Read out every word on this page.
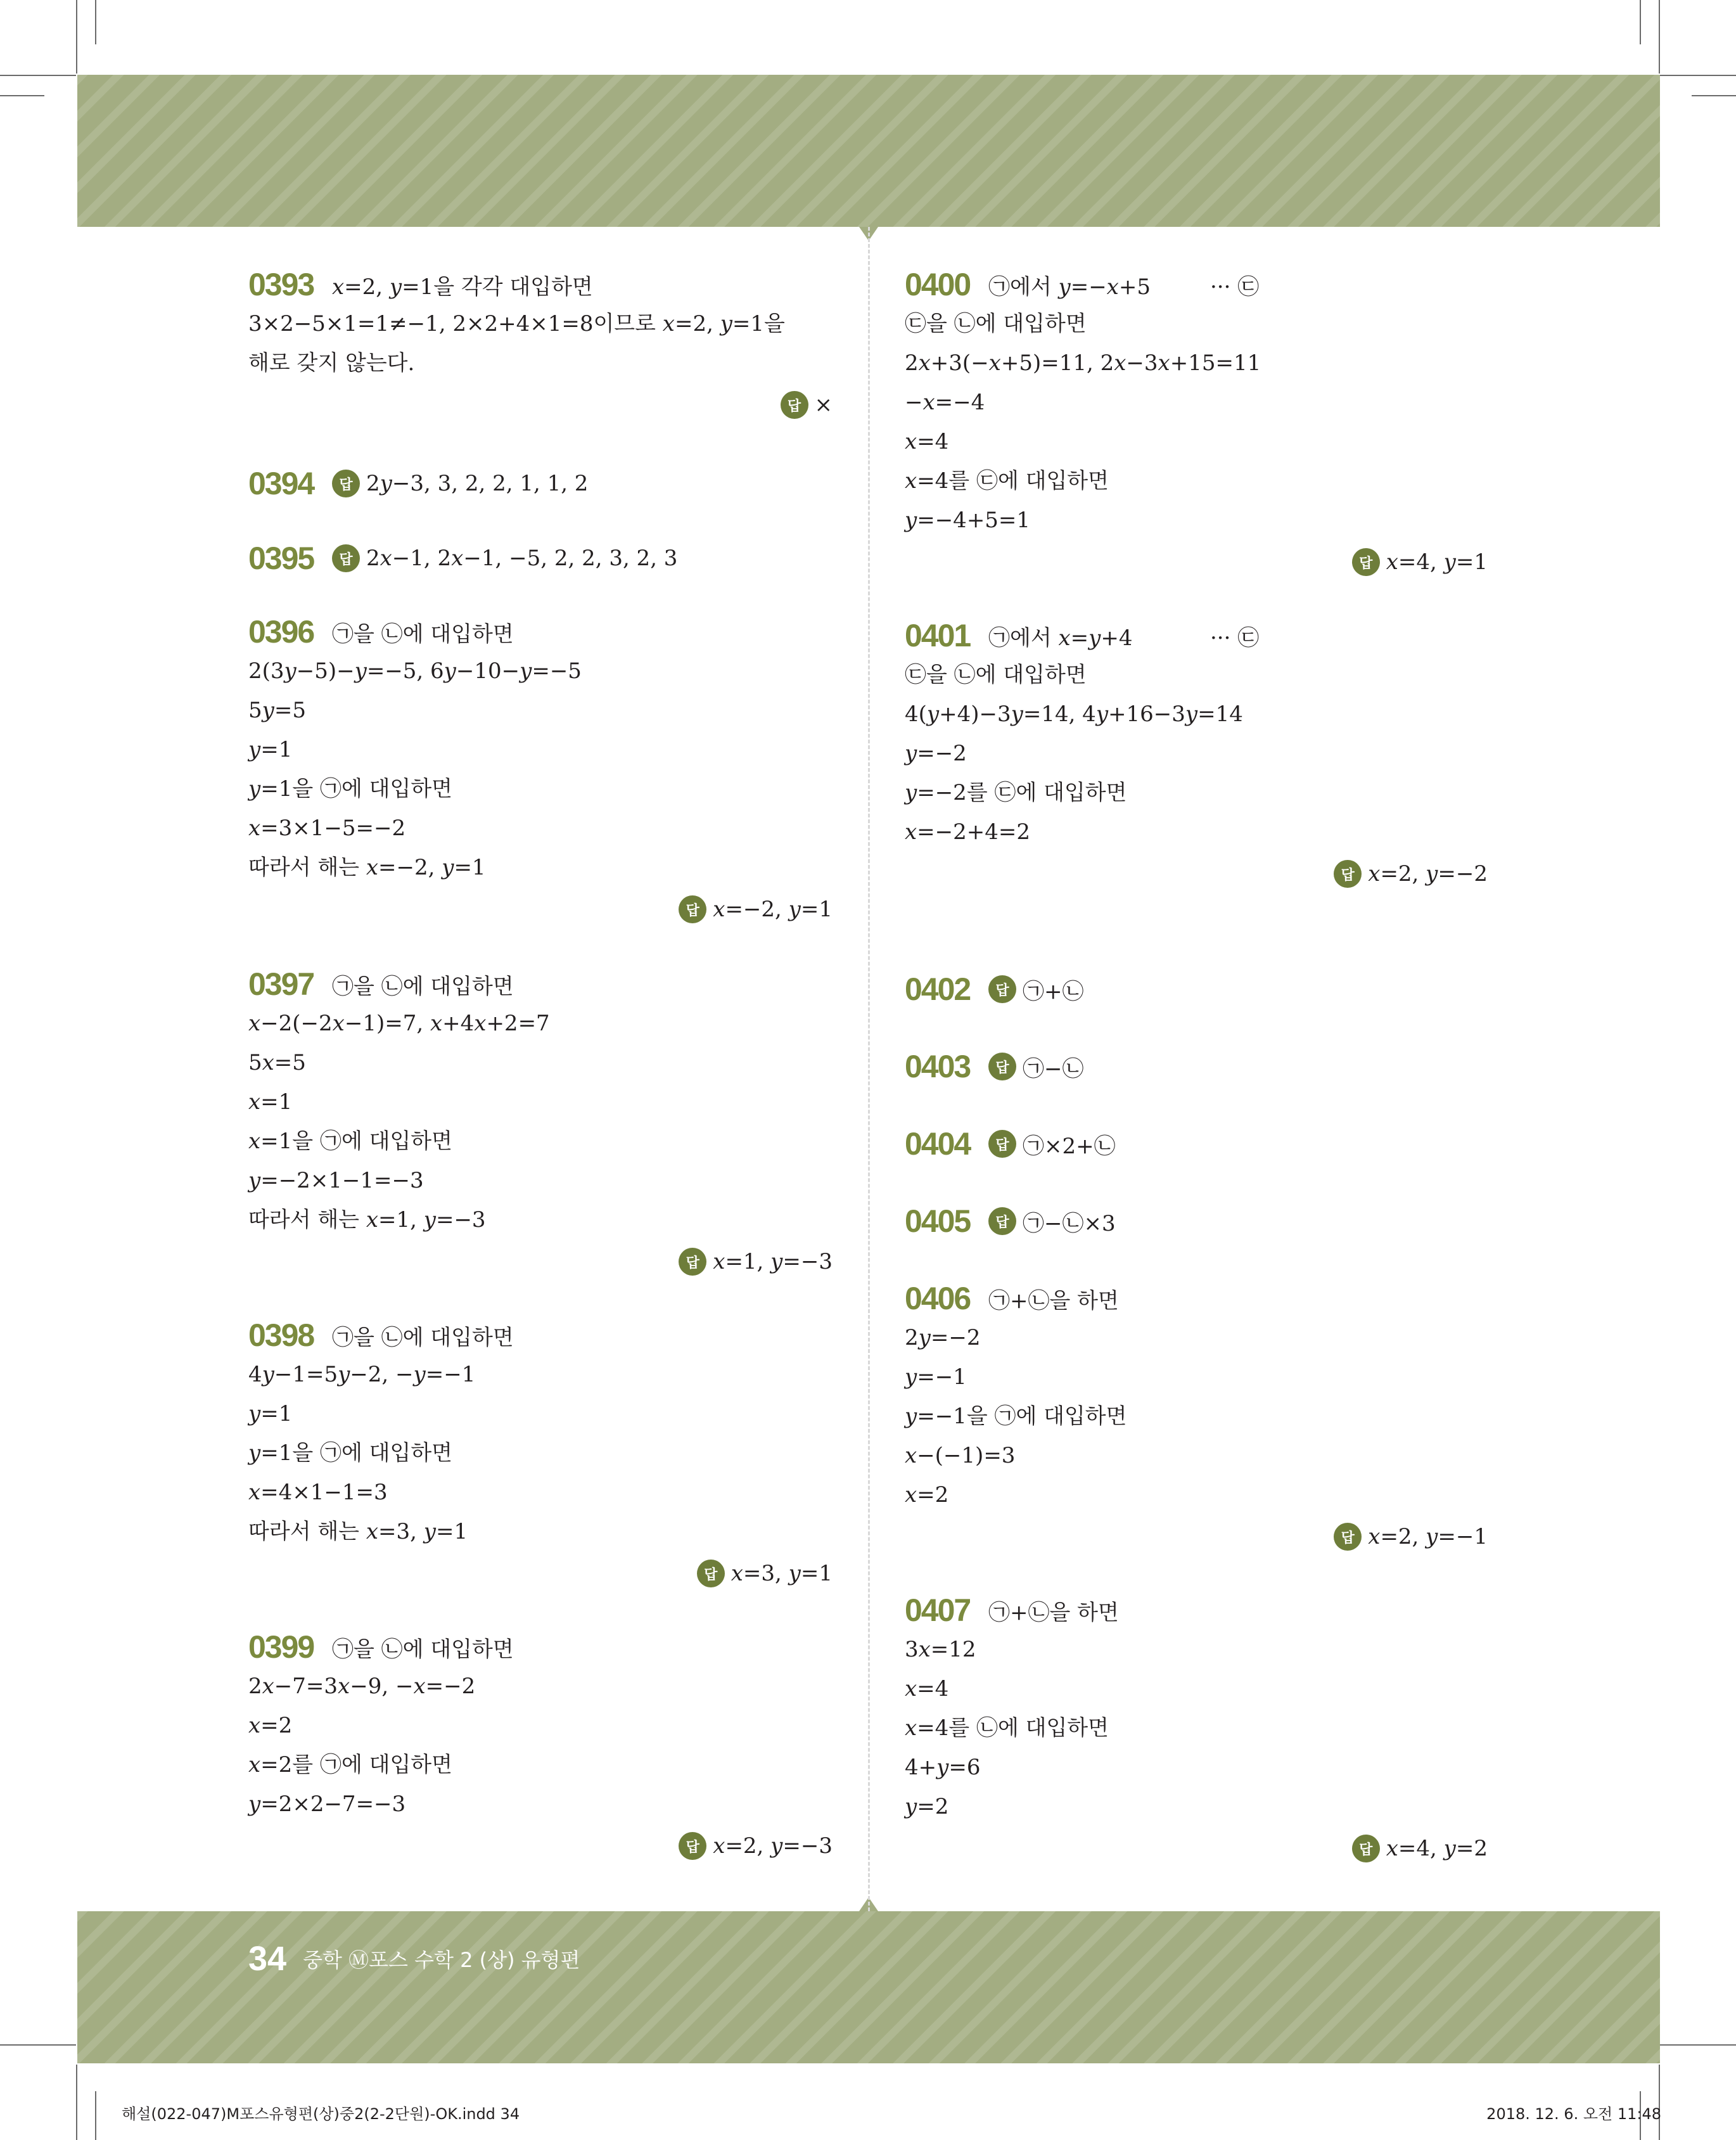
0393 𝑥=2, 𝑦=1을 각각 대입하면
3×2−5×1=1≠−1, 2×2+4×1=8이므로 𝑥=2, 𝑦=1을
해로 갖지 않는다.
답 ×
0394	답 2𝑦−3, 3, 2, 2, 1, 1, 2
0395	답 2𝑥−1, 2𝑥−1, −5, 2, 2, 3, 2, 3
0396 ㉠을 ㉡에 대입하면
2(3𝑦−5)−𝑦=−5, 6𝑦−10−𝑦=−5
5𝑦=5
𝑦=1
𝑦=1을 ㉠에 대입하면
𝑥=3×1−5=−2
따라서 해는 𝑥=−2, 𝑦=1
답 𝑥=−2, 𝑦=1
0397 ㉠을 ㉡에 대입하면
𝑥−2(−2𝑥−1)=7, 𝑥+4𝑥+2=7
5𝑥=5
𝑥=1
𝑥=1을 ㉠에 대입하면
𝑦=−2×1−1=−3
따라서 해는 𝑥=1, 𝑦=−3
답 𝑥=1, 𝑦=−3
0398 ㉠을 ㉡에 대입하면
4𝑦−1=5𝑦−2, −𝑦=−1
𝑦=1
𝑦=1을 ㉠에 대입하면
𝑥=4×1−1=3
따라서 해는 𝑥=3, 𝑦=1
답 𝑥=3, 𝑦=1
0399 ㉠을 ㉡에 대입하면
2𝑥−7=3𝑥−9, −𝑥=−2
𝑥=2
𝑥=2를 ㉠에 대입하면
𝑦=2×2−7=−3
답 𝑥=2, 𝑦=−3
0400 ㉠에서 𝑦=−𝑥+5	··· ㉢
㉢을 ㉡에 대입하면
2𝑥+3(−𝑥+5)=11, 2𝑥−3𝑥+15=11
−𝑥=−4
𝑥=4
𝑥=4를 ㉢에 대입하면
𝑦=−4+5=1
답 𝑥=4, 𝑦=1
0401 ㉠에서 𝑥=𝑦+4	··· ㉢
㉢을 ㉡에 대입하면
4(𝑦+4)−3𝑦=14, 4𝑦+16−3𝑦=14
𝑦=−2
𝑦=−2를 ㉢에 대입하면
𝑥=−2+4=2
답 𝑥=2, 𝑦=−2
0402	답 ㉠+㉡
0403	답 ㉠−㉡
0404	답 ㉠×2+㉡
0405	답 ㉠−㉡×3
0406 ㉠+㉡을 하면
2𝑦=−2
𝑦=−1
𝑦=−1을 ㉠에 대입하면
𝑥−(−1)=3
𝑥=2
답 𝑥=2, 𝑦=−1
0407 ㉠+㉡을 하면
3𝑥=12
𝑥=4
𝑥=4를 ㉡에 대입하면
4+𝑦=6
𝑦=2
답 𝑥=4, 𝑦=2
34 중학 Ⓜ포스 수학 2 (상) 유형편
해설(022-047)M포스유형편(상)중2(2-2단원)-OK.indd 34	2018. 12. 6. 오전 11:48
